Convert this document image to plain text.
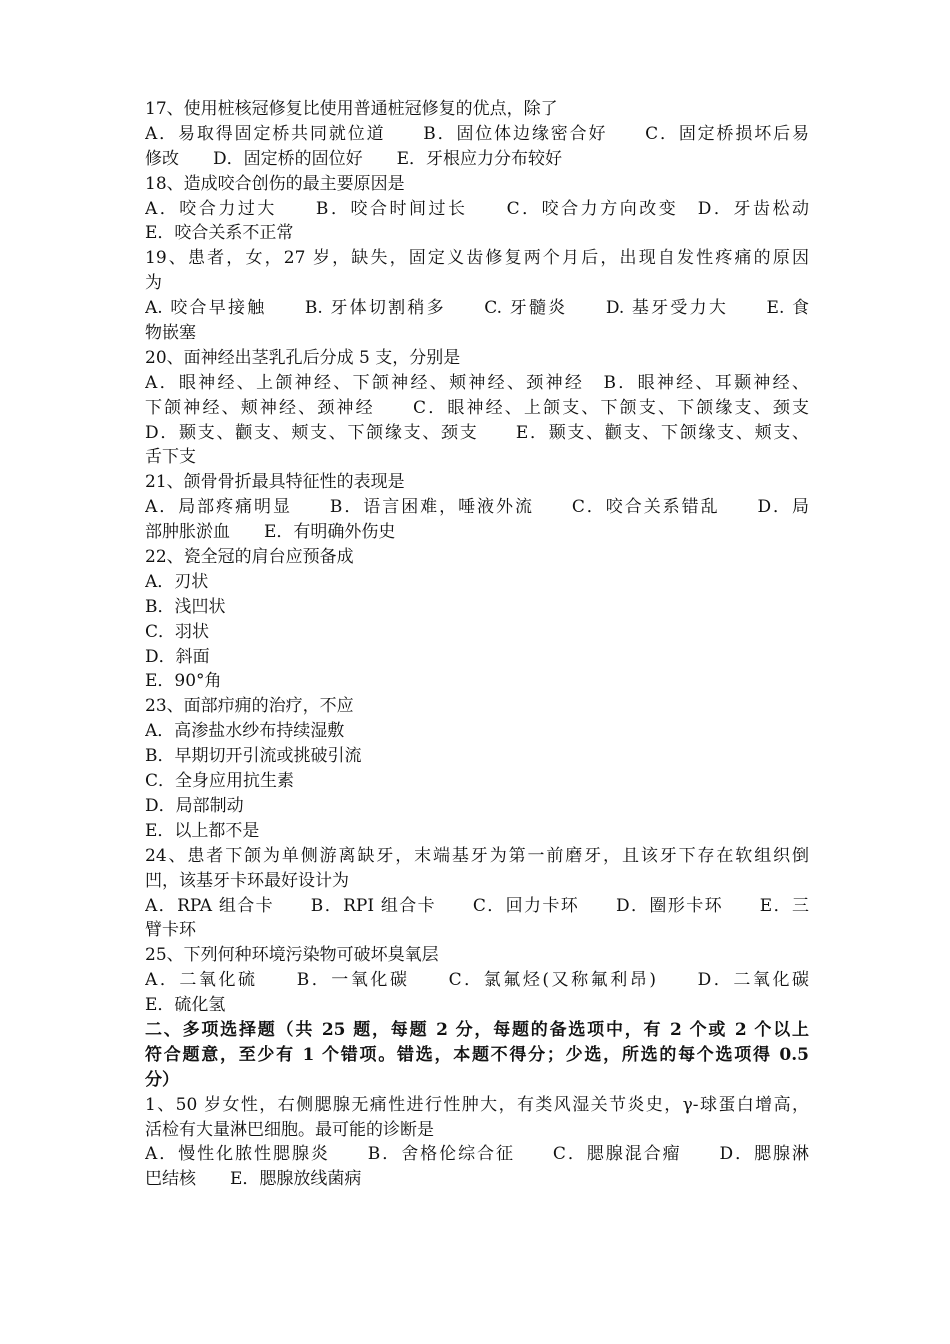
17、使用桩核冠修复比使用普通桩冠修复的优点，除了
A．易取得固定桥共同就位道　　B．固位体边缘密合好　　C．固定桥损坏后易
修改　　D．固定桥的固位好　　E．牙根应力分布较好
18、造成咬合创伤的最主要原因是
A．咬合力过大　　B．咬合时间过长　　C．咬合力方向改变　D．牙齿松动
E．咬合关系不正常
19、患者，女，27 岁，缺失，固定义齿修复两个月后，出现自发性疼痛的原因
为
A. 咬合早接触　　B. 牙体切割稍多　　C. 牙髓炎　　D. 基牙受力大　　E. 食
物嵌塞
20、面神经出茎乳孔后分成 5 支，分别是
A．眼神经、上颌神经、下颌神经、颊神经、颈神经　B．眼神经、耳颞神经、
下颌神经、颊神经、颈神经　　C．眼神经、上颌支、下颌支、下颌缘支、颈支
D．颞支、颧支、颊支、下颌缘支、颈支　　E．颞支、颧支、下颌缘支、颊支、
舌下支
21、颌骨骨折最具特征性的表现是
A．局部疼痛明显　　B．语言困难，唾液外流　　C．咬合关系错乱　　D．局
部肿胀淤血　　E．有明确外伤史
22、瓷全冠的肩台应预备成
A．刃状
B．浅凹状
C．羽状
D．斜面
E．90°角
23、面部疖痈的治疗，不应
A．高渗盐水纱布持续湿敷
B．早期切开引流或挑破引流
C．全身应用抗生素
D．局部制动
E．以上都不是
24、患者下颌为单侧游离缺牙，末端基牙为第一前磨牙，且该牙下存在软组织倒
凹，该基牙卡环最好设计为
A．RPA 组合卡　　B．RPI 组合卡　　C．回力卡环　　D．圈形卡环　　E．三
臂卡环
25、下列何种环境污染物可破坏臭氧层
A．二氧化硫　　B．一氧化碳　　C．氯氟烃(又称氟利昂)　　D．二氧化碳
E．硫化氢
二、多项选择题（共 25 题，每题 2 分，每题的备选项中，有 2 个或 2 个以上
符合题意，至少有 1 个错项。错选，本题不得分；少选，所选的每个选项得 0.5
分）
1、50 岁女性，右侧腮腺无痛性进行性肿大，有类风湿关节炎史，γ-球蛋白增高，
活检有大量淋巴细胞。最可能的诊断是
A．慢性化脓性腮腺炎　　B．舍格伦综合征　　C．腮腺混合瘤　　D．腮腺淋
巴结核　　E．腮腺放线菌病
